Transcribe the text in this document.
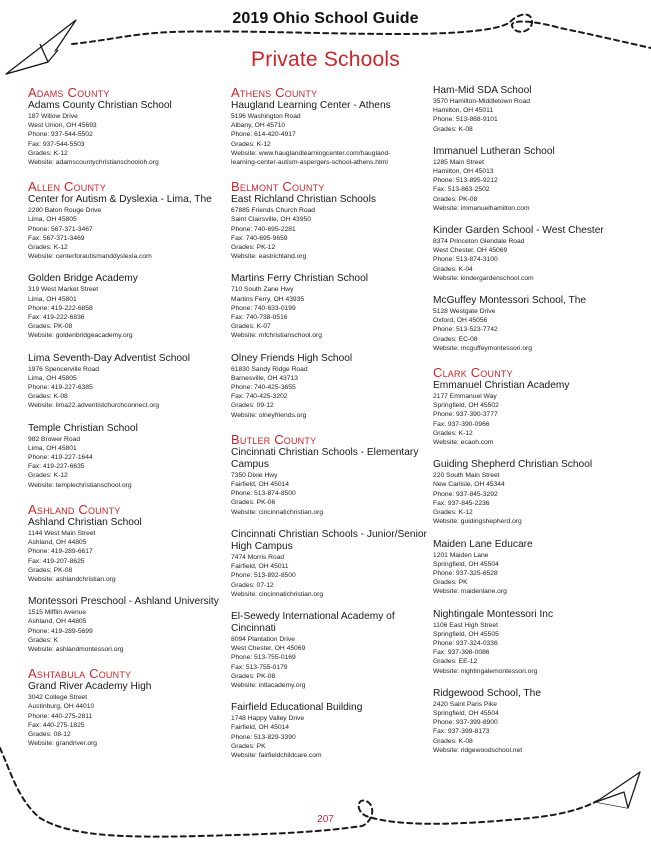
2019 Ohio School Guide
Private Schools
Adams County
Adams County Christian School
187 Willow Drive
West Union, OH 45693
Phone: 937-544-5502
Fax: 937-544-5503
Grades: K-12
Website: adamscountychristianschooloh.org
Allen County
Center for Autism & Dyslexia - Lima, The
2280 Baton Rouge Drive
Lima, OH 45805
Phone: 567-371-3467
Fax: 567-371-3469
Grades: K-12
Website: centerforautismanddyslexia.com
Golden Bridge Academy
319 West Market Street
Lima, OH 45801
Phone: 419-222-6858
Fax: 419-222-6836
Grades: PK-08
Website: goldenbridgeacademy.org
Lima Seventh-Day Adventist School
1976 Spencerville Road
Lima, OH 45805
Phone: 419-227-6385
Grades: K-08
Website: lima22.adventistchurchconnect.org
Temple Christian School
982 Brower Road
Lima, OH 45801
Phone: 419-227-1644
Fax: 419-227-6635
Grades: K-12
Website: templechristianschool.org
Ashland County
Ashland Christian School
1144 West Main Street
Ashland, OH 44805
Phone: 419-289-6617
Fax: 419-207-8625
Grades: PK-08
Website: ashlandchristian.org
Montessori Preschool - Ashland University
1515 Mifflin Avenue
Ashland, OH 44805
Phone: 419-289-5699
Grades: K
Website: ashlandmontessori.org
Ashtabula County
Grand River Academy High
3042 College Street
Austinburg, OH 44010
Phone: 440-275-2811
Fax: 440-275-1825
Grades: 08-12
Website: grandriver.org
Athens County
Haugland Learning Center - Athens
5196 Washington Road
Albany, OH 45710
Phone: 614-420-4917
Grades: K-12
Website: www.hauglandlearningcenter.com/haugland-
learning-center-autism-aspergers-school-athens.html
Belmont County
East Richland Christian Schools
67885 Friends Church Road
Saint Clairsville, OH 43950
Phone: 740-695-2281
Fax: 740-695-9659
Grades: PK-12
Website: eastrichland.org
Martins Ferry Christian School
710 South Zane Hwy
Martins Ferry, OH 43935
Phone: 740-633-0199
Fax: 740-738-0516
Grades: K-07
Website: mfchristianschool.org
Olney Friends High School
61830 Sandy Ridge Road
Barnesville, OH 43713
Phone: 740-425-3655
Fax: 740-425-3202
Grades: 09-12
Website: olneyfriends.org
Butler County
Cincinnati Christian Schools - Elementary Campus
7350 Dixie Hwy
Fairfield, OH 45014
Phone: 513-874-8500
Grades: PK-06
Website: cincinnatichristian.org
Cincinnati Christian Schools - Junior/Senior High Campus
7474 Morris Road
Fairfield, OH 45011
Phone: 513-892-8500
Grades: 07-12
Website: cincinnatichristian.org
El-Sewedy International Academy of Cincinnati
8094 Plantation Drive
West Chester, OH 45069
Phone: 513-755-0169
Fax: 513-755-0179
Grades: PK-08
Website: intlacademy.org
Fairfield Educational Building
1748 Happy Valley Drive
Fairfield, OH 45014
Phone: 513-829-3390
Grades: PK
Website: fairfieldchildcare.com
Ham-Mid SDA School
3570 Hamilton-Middletown Road
Hamilton, OH 45011
Phone: 513-868-9101
Grades: K-08
Immanuel Lutheran School
1285 Main Street
Hamilton, OH 45013
Phone: 513-895-9212
Fax: 513-863-2502
Grades: PK-08
Website: immanuelhamilton.com
Kinder Garden School - West Chester
8374 Princeton Glendale Road
West Chester, OH 45069
Phone: 513-874-3100
Grades: K-04
Website: kindergardenschool.com
McGuffey Montessori School, The
5128 Westgate Drive
Oxford, OH 45056
Phone: 513-523-7742
Grades: EC-08
Website: mcguffeymontessori.org
Clark County
Emmanuel Christian Academy
2177 Emmanuel Way
Springfield, OH 45502
Phone: 937-390-3777
Fax: 937-390-0966
Grades: K-12
Website: ecaoh.com
Guiding Shepherd Christian School
220 South Main Street
New Carlisle, OH 45344
Phone: 937-845-3292
Fax: 937-845-2236
Grades: K-12
Website: guidingshepherd.org
Maiden Lane Educare
1201 Maiden Lane
Springfield, OH 45504
Phone: 937-325-6528
Grades: PK
Website: maidenlane.org
Nightingale Montessori Inc
1106 East High Street
Springfield, OH 45505
Phone: 937-324-0336
Fax: 937-398-0086
Grades: EE-12
Website: nightingalemontessori.org
Ridgewood School, The
2420 Saint Paris Pike
Springfield, OH 45504
Phone: 937-399-8900
Fax: 937-399-8173
Grades: K-08
Website: ridgewoodschool.net
207
